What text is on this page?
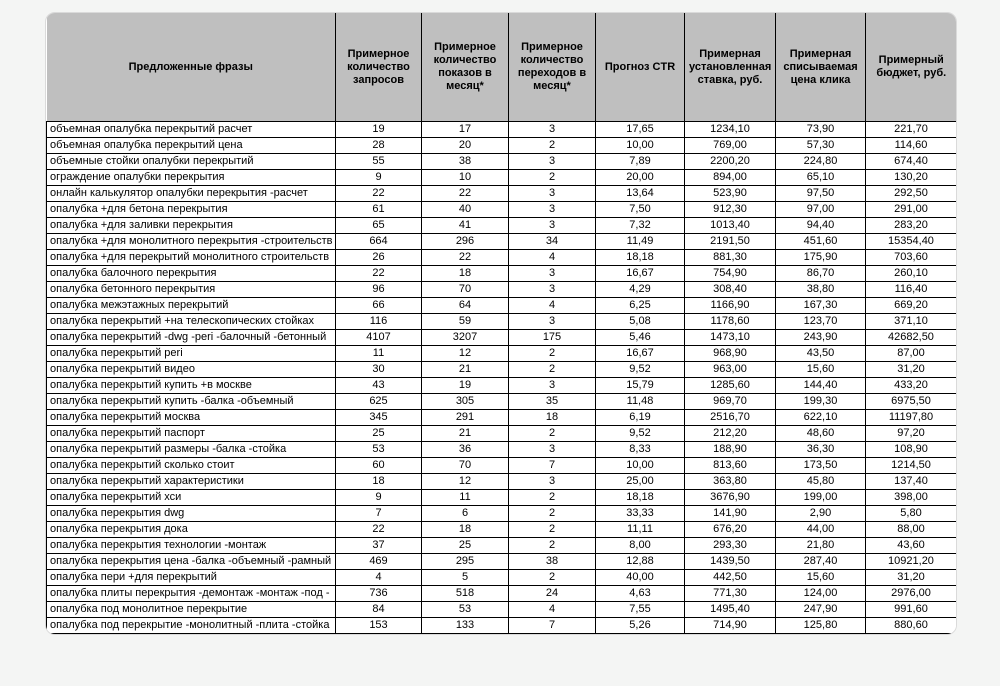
Предложенные фразы	Примерное количество запросов	Примерное количество показов в месяц*	Примерное количество переходов в месяц*	Прогноз CTR	Примерная установленная ставка, руб.	Примерная списываемая цена клика	Примерный бюджет, руб.
объемная опалубка перекрытий расчет	19	17	3	17,65	1234,10	73,90	221,70
объемная опалубка перекрытий цена	28	20	2	10,00	769,00	57,30	114,60
объемные стойки опалубки перекрытий	55	38	3	7,89	2200,20	224,80	674,40
ограждение опалубки перекрытия	9	10	2	20,00	894,00	65,10	130,20
онлайн калькулятор опалубки перекрытия -расчет	22	22	3	13,64	523,90	97,50	292,50
опалубка +для бетона перекрытия	61	40	3	7,50	912,30	97,00	291,00
опалубка +для заливки перекрытия	65	41	3	7,32	1013,40	94,40	283,20
опалубка +для монолитного перекрытия -строительств	664	296	34	11,49	2191,50	451,60	15354,40
опалубка +для перекрытий монолитного строительств	26	22	4	18,18	881,30	175,90	703,60
опалубка балочного перекрытия	22	18	3	16,67	754,90	86,70	260,10
опалубка бетонного перекрытия	96	70	3	4,29	308,40	38,80	116,40
опалубка межэтажных перекрытий	66	64	4	6,25	1166,90	167,30	669,20
опалубка перекрытий +на телескопических стойках	116	59	3	5,08	1178,60	123,70	371,10
опалубка перекрытий -dwg -peri -балочный -бетонный	4107	3207	175	5,46	1473,10	243,90	42682,50
опалубка перекрытий peri	11	12	2	16,67	968,90	43,50	87,00
опалубка перекрытий видео	30	21	2	9,52	963,00	15,60	31,20
опалубка перекрытий купить +в москве	43	19	3	15,79	1285,60	144,40	433,20
опалубка перекрытий купить -балка -объемный	625	305	35	11,48	969,70	199,30	6975,50
опалубка перекрытий москва	345	291	18	6,19	2516,70	622,10	11197,80
опалубка перекрытий паспорт	25	21	2	9,52	212,20	48,60	97,20
опалубка перекрытий размеры -балка -стойка	53	36	3	8,33	188,90	36,30	108,90
опалубка перекрытий сколько стоит	60	70	7	10,00	813,60	173,50	1214,50
опалубка перекрытий характеристики	18	12	3	25,00	363,80	45,80	137,40
опалубка перекрытий хси	9	11	2	18,18	3676,90	199,00	398,00
опалубка перекрытия dwg	7	6	2	33,33	141,90	2,90	5,80
опалубка перекрытия дока	22	18	2	11,11	676,20	44,00	88,00
опалубка перекрытия технологии -монтаж	37	25	2	8,00	293,30	21,80	43,60
опалубка перекрытия цена -балка -объемный -рамный	469	295	38	12,88	1439,50	287,40	10921,20
опалубка пери +для перекрытий	4	5	2	40,00	442,50	15,60	31,20
опалубка плиты перекрытия -демонтаж -монтаж -под -	736	518	24	4,63	771,30	124,00	2976,00
опалубка под монолитное перекрытие	84	53	4	7,55	1495,40	247,90	991,60
опалубка под перекрытие -монолитный -плита -стойка	153	133	7	5,26	714,90	125,80	880,60
